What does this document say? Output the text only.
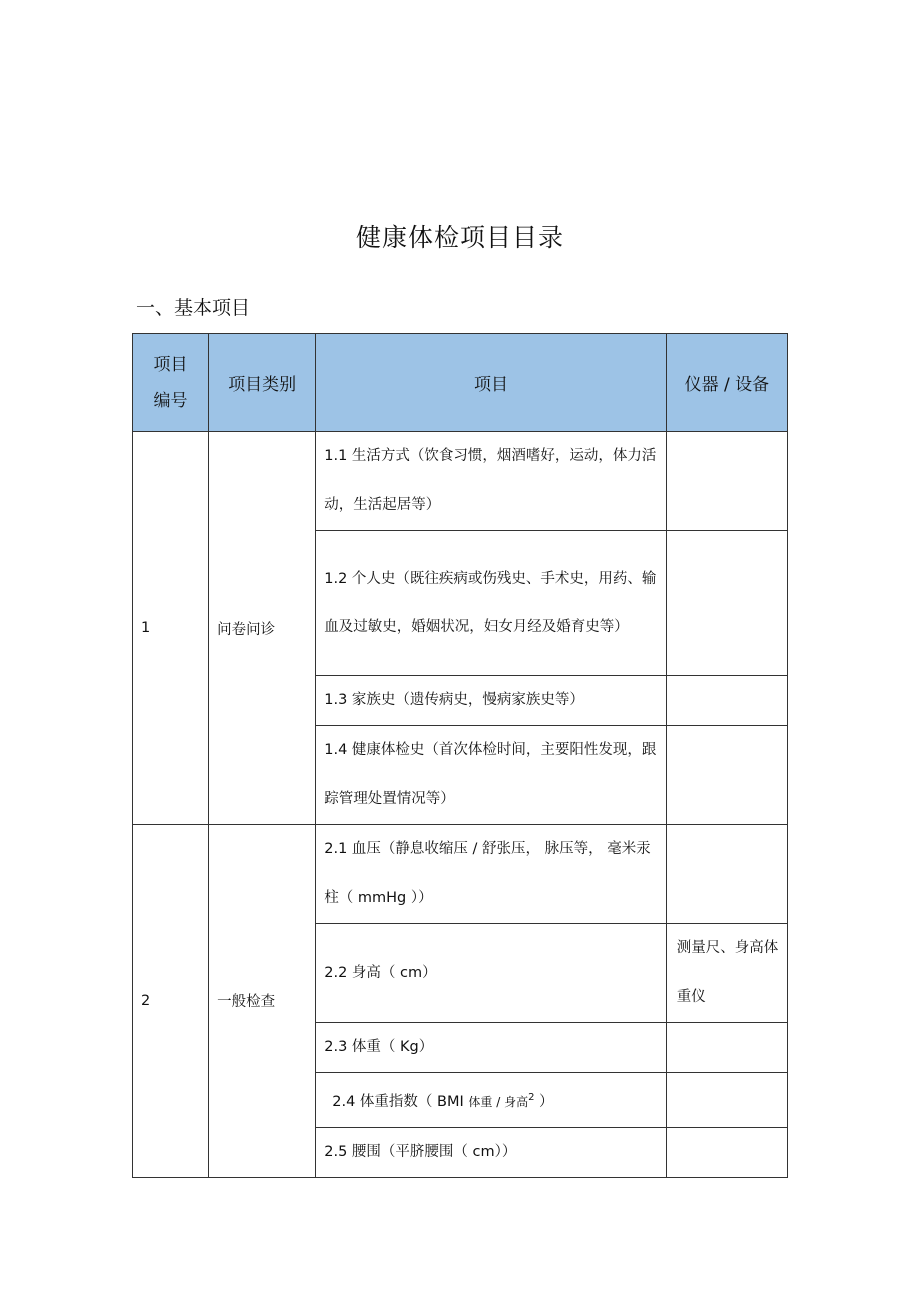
健康体检项目目录
一、基本项目
项目
编号	项目类别	项目	仪器 / 设备
1	问卷问诊	1.1 生活方式（饮食习惯，烟酒嗜好，运动，体力活动，生活起居等）	
		1.2 个人史（既往疾病或伤残史、手术史，用药、输血及过敏史，婚姻状况，妇女月经及婚育史等）	
		1.3 家族史（遗传病史，慢病家族史等）	
		1.4 健康体检史（首次体检时间，主要阳性发现，跟踪管理处置情况等）	
2	一般检查	2.1 血压（静息收缩压 / 舒张压， 脉压等， 毫米汞柱（ mmHg ））	
		2.2 身高（ cm）	测量尺、身高体重仪
		2.3 体重（ Kg）	
		2.4 体重指数（ BMI 体重 / 身高$^2$ ）	
		2.5 腰围（平脐腰围（ cm））	
